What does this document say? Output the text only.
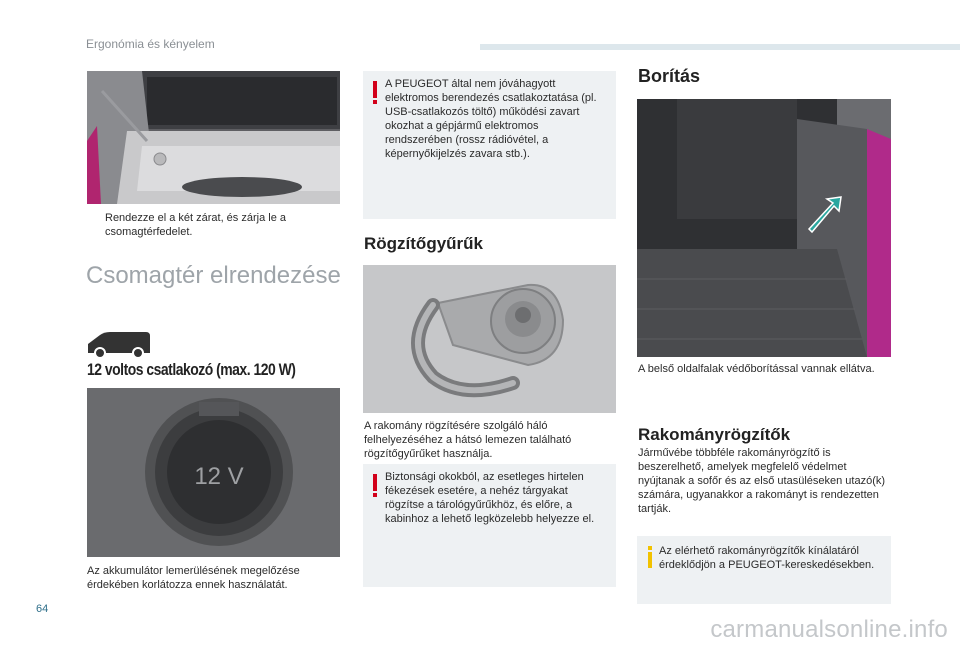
Ergonómia és kényelem
Rendezze el a két zárat, és zárja le a csomagtérfedelet.
Csomagtér elrendezése
12 voltos csatlakozó (max. 120 W)
12 V
Az akkumulátor lemerülésének megelőzése érdekében korlátozza ennek használatát.
A PEUGEOT által nem jóváhagyott elektromos berendezés csatlakoztatása (pl. USB-csatlakozós töltő) működési zavart okozhat a gépjármű elektromos rendszerében (rossz rádióvétel, a képernyőkijelzés zavara stb.).
Rögzítőgyűrűk
A rakomány rögzítésére szolgáló háló felhelyezéséhez a hátsó lemezen található rögzítőgyűrűket használja.
Biztonsági okokból, az esetleges hirtelen fékezések esetére, a nehéz tárgyakat rögzítse a tárológyűrűkhöz, és előre, a kabinhoz a lehető legközelebb helyezze el.
Borítás
A belső oldalfalak védőborítással vannak ellátva.
Rakományrögzítők
Járművébe többféle rakományrögzítő is beszerelhető, amelyek megfelelő védelmet nyújtanak a sofőr és az első utasüléseken utazó(k) számára, ugyanakkor a rakományt is rendezetten tartják.
Az elérhető rakományrögzítők kínálatáról érdeklődjön a PEUGEOT-kereskedésekben.
64
carmanualsonline.info
